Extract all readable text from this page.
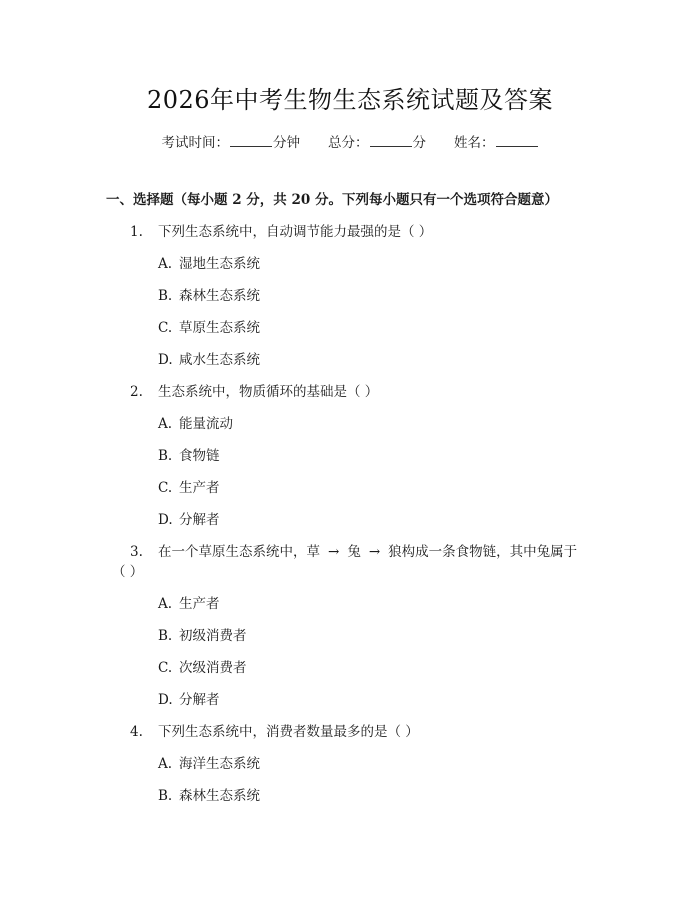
2026年中考生物生态系统试题及答案
考试时间：	分钟 总分：	分 姓名：
一、选择题（每小题 2 分，共 20 分。下列每小题只有一个选项符合题意）
1. 下列生态系统中，自动调节能力最强的是（ ）
A. 湿地生态系统
B. 森林生态系统
C. 草原生态系统
D. 咸水生态系统
2. 生态系统中，物质循环的基础是（ ）
A. 能量流动
B. 食物链
C. 生产者
D. 分解者
3. 在一个草原生态系统中，草 → 兔 → 狼构成一条食物链，其中兔属于
（ ）
A. 生产者
B. 初级消费者
C. 次级消费者
D. 分解者
4. 下列生态系统中，消费者数量最多的是（ ）
A. 海洋生态系统
B. 森林生态系统
